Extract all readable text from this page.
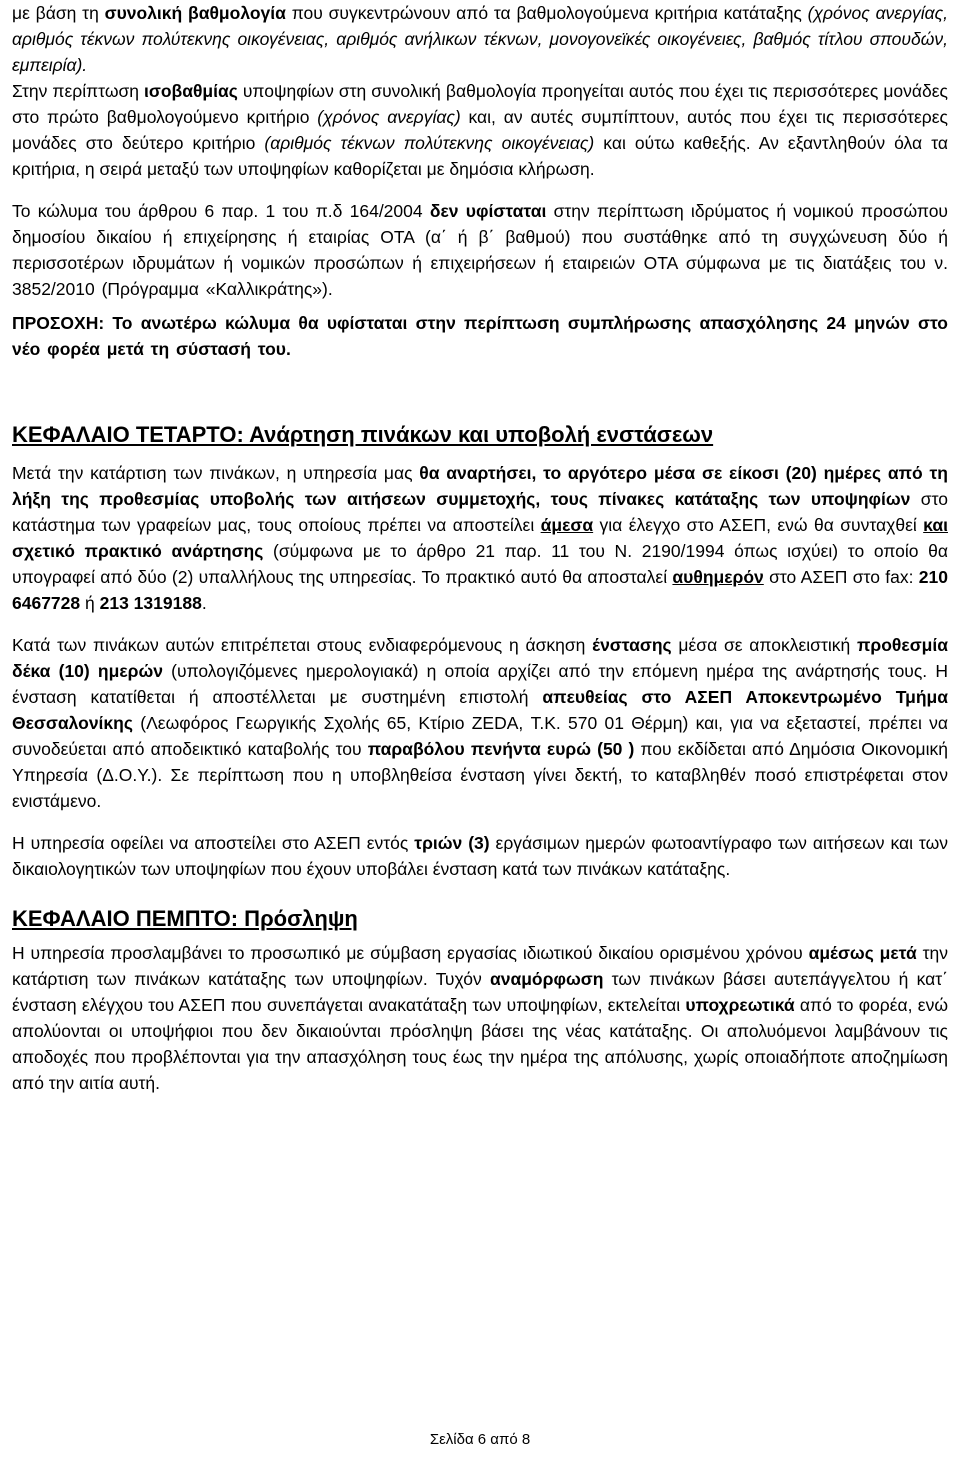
με βάση τη συνολική βαθμολογία που συγκεντρώνουν από τα βαθμολογούμενα κριτήρια κατάταξης (χρόνος ανεργίας, αριθμός τέκνων πολύτεκνης οικογένειας, αριθμός ανήλικων τέκνων, μονογονεϊκές οικογένειες, βαθμός τίτλου σπουδών, εμπειρία).

Στην περίπτωση ισοβαθμίας υποψηφίων στη συνολική βαθμολογία προηγείται αυτός που έχει τις περισσότερες μονάδες στο πρώτο βαθμολογούμενο κριτήριο (χρόνος ανεργίας) και, αν αυτές συμπίπτουν, αυτός που έχει τις περισσότερες μονάδες στο δεύτερο κριτήριο (αριθμός τέκνων πολύτεκνης οικογένειας) και ούτω καθεξής. Αν εξαντληθούν όλα τα κριτήρια, η σειρά μεταξύ των υποψηφίων καθορίζεται με δημόσια κλήρωση.

Το κώλυμα του άρθρου 6 παρ. 1 του π.δ 164/2004 δεν υφίσταται στην περίπτωση ιδρύματος ή νομικού προσώπου δημοσίου δικαίου ή επιχείρησης ή εταιρίας ΟΤΑ (α΄ ή β΄ βαθμού) που συστάθηκε από τη συγχώνευση δύο ή περισσοτέρων ιδρυμάτων ή νομικών προσώπων ή επιχειρήσεων ή εταιρειών ΟΤΑ σύμφωνα με τις διατάξεις του ν. 3852/2010 (Πρόγραμμα «Καλλικράτης»).

ΠΡΟΣΟΧΗ: Το ανωτέρω κώλυμα θα υφίσταται στην περίπτωση συμπλήρωσης απασχόλησης 24 μηνών στο νέο φορέα μετά τη σύστασή του.

ΚΕΦΑΛΑΙΟ ΤΕΤΑΡΤΟ: Ανάρτηση πινάκων και υποβολή ενστάσεων

Μετά την κατάρτιση των πινάκων, η υπηρεσία μας θα αναρτήσει, το αργότερο μέσα σε είκοσι (20) ημέρες από τη λήξη της προθεσμίας υποβολής των αιτήσεων συμμετοχής, τους πίνακες κατάταξης των υποψηφίων στο κατάστημα των γραφείων μας, τους οποίους πρέπει να αποστείλει άμεσα για έλεγχο στο ΑΣΕΠ, ενώ θα συνταχθεί και σχετικό πρακτικό ανάρτησης (σύμφωνα με το άρθρο 21 παρ. 11 του Ν. 2190/1994 όπως ισχύει) το οποίο θα υπογραφεί από δύο (2) υπαλλήλους της υπηρεσίας. Το πρακτικό αυτό θα αποσταλεί αυθημερόν στο ΑΣΕΠ στο fax: 210 6467728 ή 213 1319188.

Κατά των πινάκων αυτών επιτρέπεται στους ενδιαφερόμενους η άσκηση ένστασης μέσα σε αποκλειστική προθεσμία δέκα (10) ημερών (υπολογιζόμενες ημερολογιακά) η οποία αρχίζει από την επόμενη ημέρα της ανάρτησής τους. Η ένσταση κατατίθεται ή αποστέλλεται με συστημένη επιστολή απευθείας στο ΑΣΕΠ Αποκεντρωμένο Τμήμα Θεσσαλονίκης (Λεωφόρος Γεωργικής Σχολής 65, Κτίριο ZEDA, Τ.Κ. 570 01 Θέρμη) και, για να εξεταστεί, πρέπει να συνοδεύεται από αποδεικτικό καταβολής του παραβόλου πενήντα ευρώ (50 ) που εκδίδεται από Δημόσια Οικονομική Υπηρεσία (Δ.Ο.Υ.). Σε περίπτωση που η υποβληθείσα ένσταση γίνει δεκτή, το καταβληθέν ποσό επιστρέφεται στον ενιστάμενο.

Η υπηρεσία οφείλει να αποστείλει στο ΑΣΕΠ εντός τριών (3) εργάσιμων ημερών φωτοαντίγραφο των αιτήσεων και των δικαιολογητικών των υποψηφίων που έχουν υποβάλει ένσταση κατά των πινάκων κατάταξης.

ΚΕΦΑΛΑΙΟ ΠΕΜΠΤΟ: Πρόσληψη

Η υπηρεσία προσλαμβάνει το προσωπικό με σύμβαση εργασίας ιδιωτικού δικαίου ορισμένου χρόνου αμέσως μετά την κατάρτιση των πινάκων κατάταξης των υποψηφίων. Τυχόν αναμόρφωση των πινάκων βάσει αυτεπάγγελτου ή κατ΄ ένσταση ελέγχου του ΑΣΕΠ που συνεπάγεται ανακατάταξη των υποψηφίων, εκτελείται υποχρεωτικά από το φορέα, ενώ απολύονται οι υποψήφιοι που δεν δικαιούνται πρόσληψη βάσει της νέας κατάταξης. Οι απολυόμενοι λαμβάνουν τις αποδοχές που προβλέπονται για την απασχόληση τους έως την ημέρα της απόλυσης, χωρίς οποιαδήποτε αποζημίωση από την αιτία αυτή.

Σελίδα 6 από 8
